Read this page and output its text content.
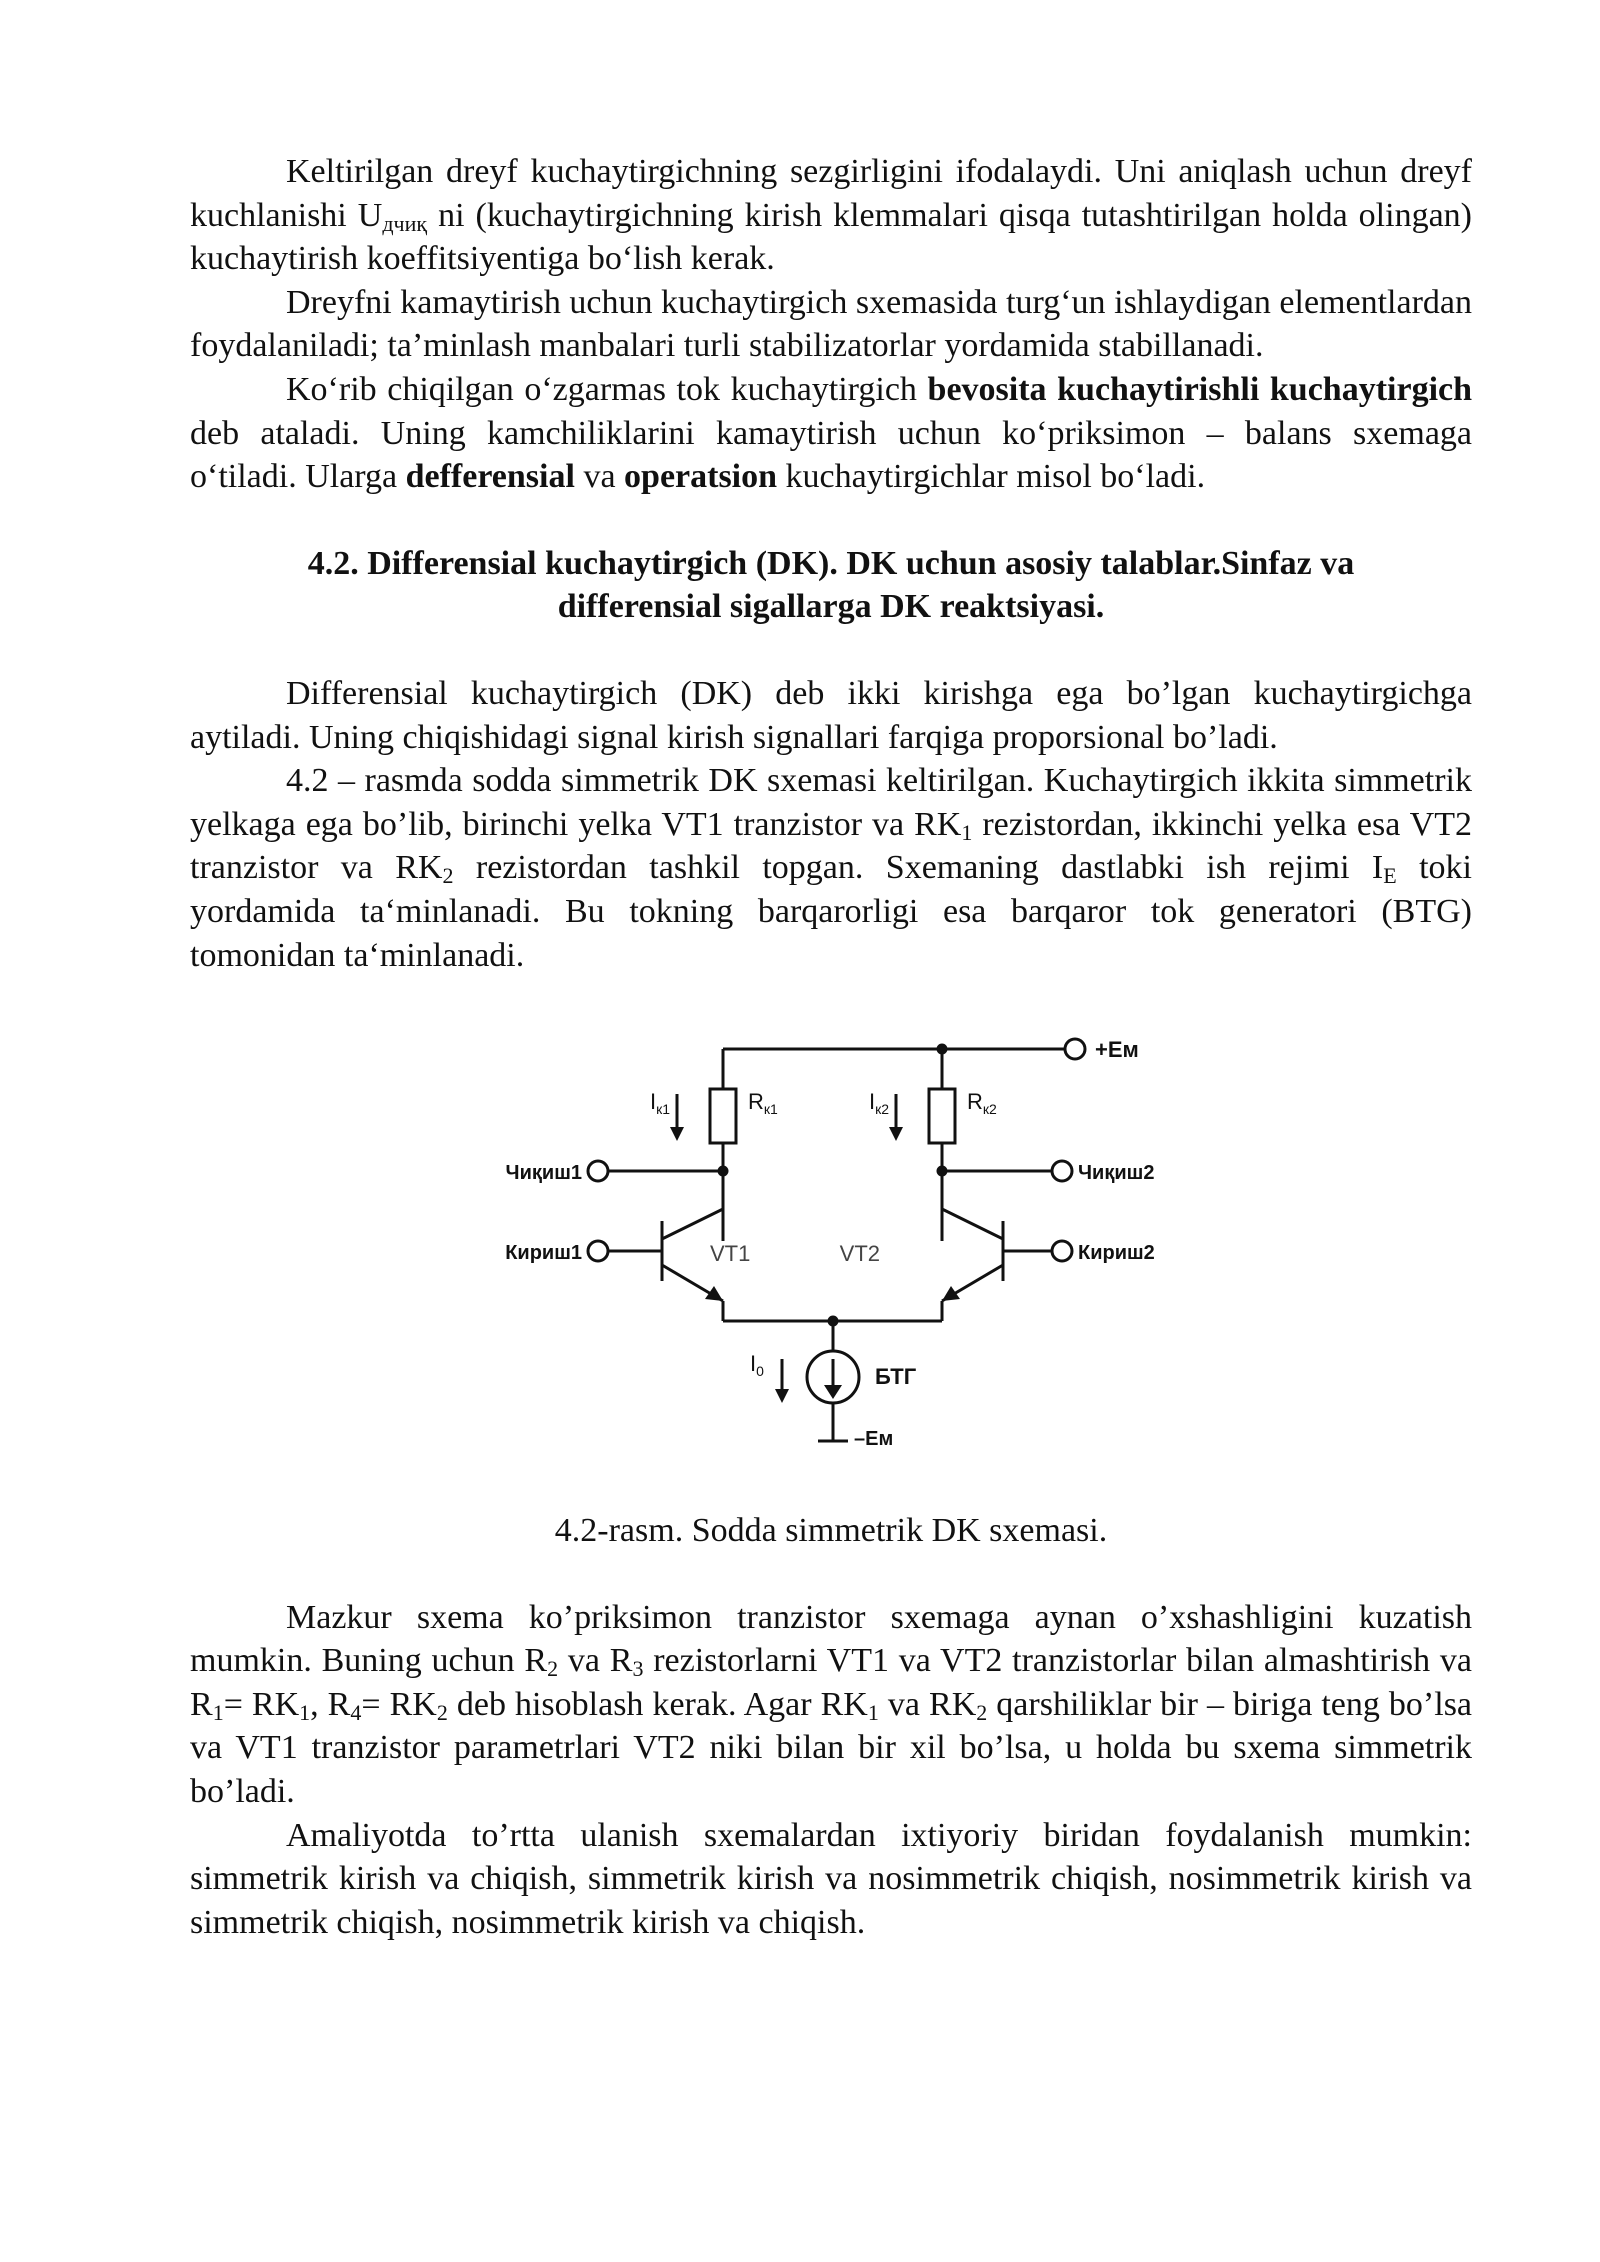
Keltirilgan dreyf kuchaytirgichning sezgirligini ifodalaydi. Uni aniqlash uchun dreyf kuchlanishi $U_{дчиқ}$ ni (kuchaytirgichning kirish klemmalari qisqa tutashtirilgan holda olingan) kuchaytirish koeffitsiyentiga bo‘lish kerak.

Dreyfni kamaytirish uchun kuchaytirgich sxemasida turg‘un ishlaydigan elementlardan foydalaniladi; ta’minlash manbalari turli stabilizatorlar yordamida stabillanadi.

Ko‘rib chiqilgan o‘zgarmas tok kuchaytirgich bevosita kuchaytirishli kuchaytirgich deb ataladi. Uning kamchiliklarini kamaytirish uchun ko‘priksimon – balans sxemaga o‘tiladi. Ularga defferensial va operatsion kuchaytirgichlar misol bo‘ladi.

4.2. Differensial kuchaytirgich (DK). DK uchun asosiy talablar.Sinfaz va
differensial sigallarga DK reaktsiyasi.

Differensial kuchaytirgich (DK) deb ikki kirishga ega bo’lgan kuchaytirgichga aytiladi. Uning chiqishidagi signal kirish signallari farqiga proporsional bo’ladi.

4.2 – rasmda sodda simmetrik DK sxemasi keltirilgan. Kuchaytirgich ikkita simmetrik yelkaga ega bo’lib, birinchi yelka VT1 tranzistor va $RK_1$ rezistordan, ikkinchi yelka esa VT2 tranzistor va $RK_2$ rezistordan tashkil topgan. Sxemaning dastlabki ish rejimi $I_E$ toki yordamida ta‘minlanadi. Bu tokning barqarorligi esa barqaror tok generatori (BTG) tomonidan ta‘minlanadi.

+Eм
$I_{к1}$	$R_{к1}$	$I_{к2}$	$R_{к2}$
Чиқиш1	Чиқиш2
Кириш1	Кириш2
VT1	VT2
$I_0$	БТГ
–Eм

4.2-rasm. Sodda simmetrik DK sxemasi.

Mazkur sxema ko’priksimon tranzistor sxemaga aynan o’xshashligini kuzatish mumkin. Buning uchun $R_2$ va $R_3$ rezistorlarni VT1 va VT2 tranzistorlar bilan almashtirish va $R_1= RK_1$, $R_4= RK_2$ deb hisoblash kerak. Agar $RK_1$ va $RK_2$ qarshiliklar bir – biriga teng bo’lsa va VT1 tranzistor parametrlari VT2 niki bilan bir xil bo’lsa, u holda bu sxema simmetrik bo’ladi.

Amaliyotda to’rtta ulanish sxemalardan ixtiyoriy biridan foydalanish mumkin: simmetrik kirish va chiqish, simmetrik kirish va nosimmetrik chiqish, nosimmetrik kirish va simmetrik chiqish, nosimmetrik kirish va chiqish.
